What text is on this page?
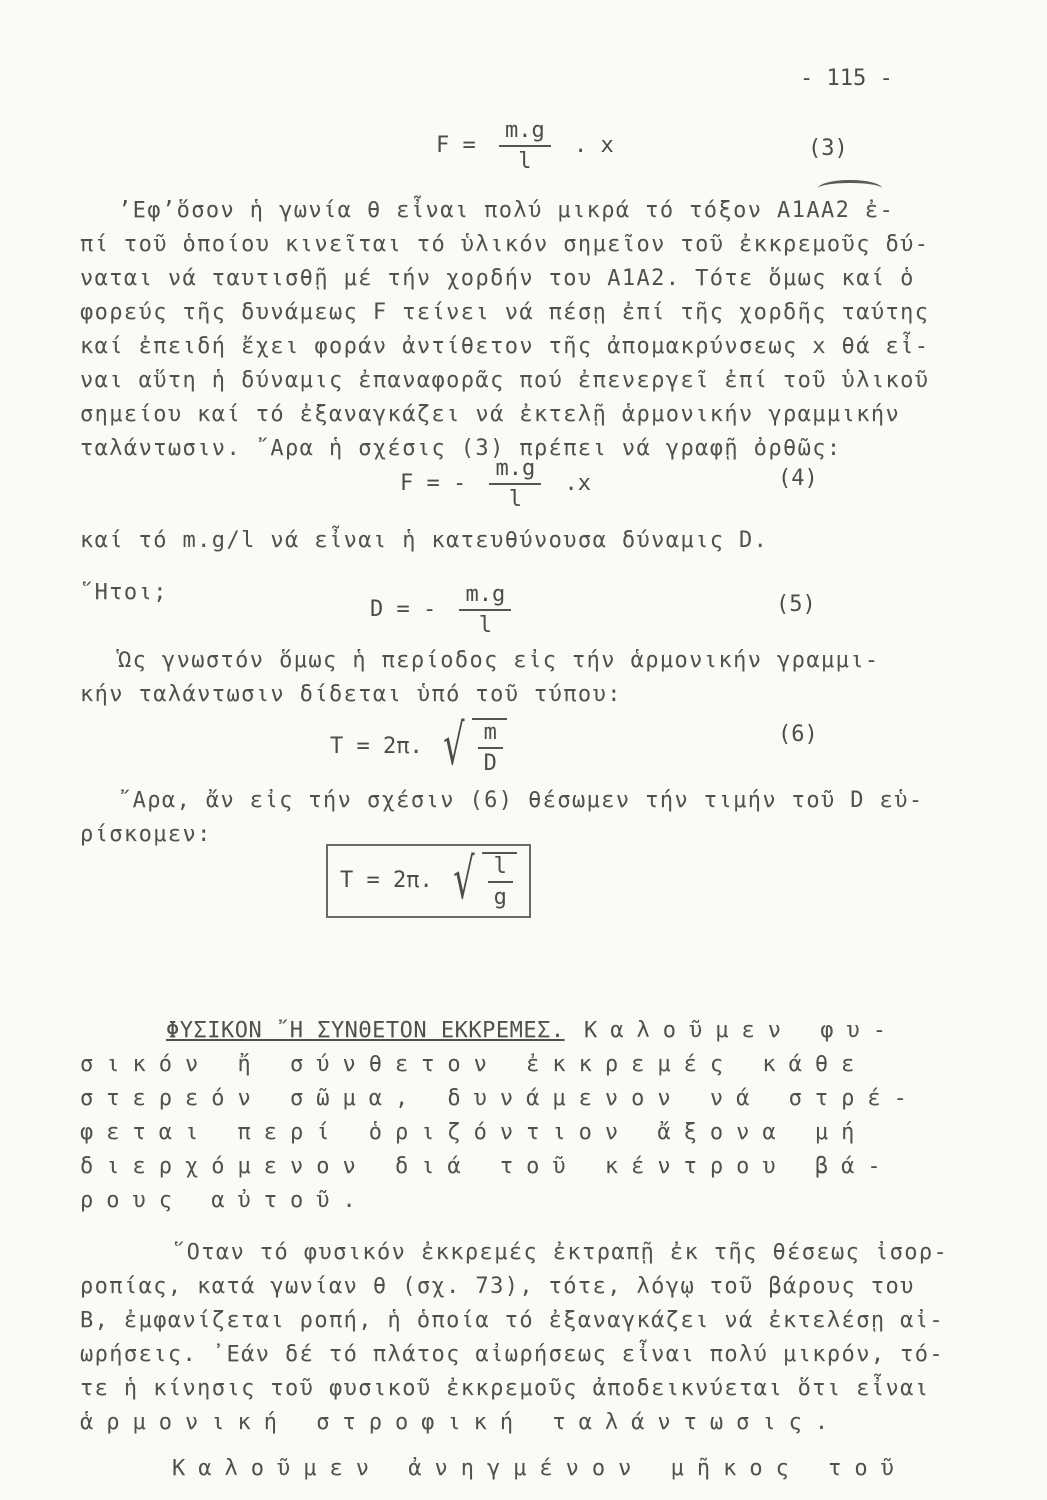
- 115 -
$F = \frac{m.g}{l}$ . x	(3)
’Εφ’ὅσον ἡ γωνία θ εἶναι πολύ μικρά τό τόξον Α1ΑΑ2 ἐ-
πί τοῦ ὁποίου κινεῖται τό ὑλικόν σημεῖον τοῦ ἐκκρεμοῦς δύ-
ναται νά ταυτισθῇ μέ τήν χορδήν του Α1Α2. Τότε ὅμως καί ὁ
φορεύς τῆς δυνάμεως F τείνει νά πέσῃ ἐπί τῆς χορδῆς ταύτης
καί ἐπειδή ἔχει φοράν ἀντίθετον τῆς ἀπομακρύνσεως x θά εἶ-
ναι αὕτη ἡ δύναμις ἐπαναφορᾶς πού ἐπενεργεῖ ἐπί τοῦ ὑλικοῦ
σημείου καί τό ἐξαναγκάζει νά ἐκτελῇ ἁρμονικήν γραμμικήν
ταλάντωσιν. ῎Αρα ἡ σχέσις (3) πρέπει νά γραφῇ ὀρθῶς:
F = - $\frac{m.g}{l} .x$	(4)
καί τό m.g/l νά εἶναι ἡ κατευθύνουσα δύναμις D.
῞Ητοι;
D = - $\frac{m.g}{l}$	(5)
Ὡς γνωστόν ὅμως ἡ περίοδος εἰς τήν ἁρμονικήν γραμμι-
κήν ταλάντωσιν δίδεται ὑπό τοῦ τύπου:
T = 2π. √ $\frac{m}{D}$	(6)
῎Αρα, ἄν εἰς τήν σχέσιν (6) θέσωμεν τήν τιμήν τοῦ D εὑ-
ρίσκομεν:
T = 2π. √ $\frac{l}{g}$
ΦΥΣΙΚΟΝ ῎Η ΣΥΝΘΕΤΟΝ ΕΚΚΡΕΜΕΣ. Καλοῦμεν φυ-
σικόν ἤ σύνθετον ἐκκρεμές κάθε
στερεόν σῶμα, δυνάμενον νά στρέ-
φεται περί ὁριζόντιον ἄξονα μή
διερχόμενον διά τοῦ κέντρου βά-
ρους αὐτοῦ.
῞Οταν τό φυσικόν ἐκκρεμές ἐκτραπῇ ἐκ τῆς θέσεως ἰσορ-
ροπίας, κατά γωνίαν θ (σχ. 73), τότε, λόγῳ τοῦ βάρους του
Β, ἐμφανίζεται ροπή, ἡ ὁποία τό ἐξαναγκάζει νά ἐκτελέσῃ αἰ-
ωρήσεις. ᾽Εάν δέ τό πλάτος αἰωρήσεως εἶναι πολύ μικρόν, τό-
τε ἡ κίνησις τοῦ φυσικοῦ ἐκκρεμοῦς ἀποδεικνύεται ὅτι εἶναι
ἁρμονική στροφική ταλάντωσις.
Καλοῦμεν ἀνηγμένον μῆκος τοῦ
